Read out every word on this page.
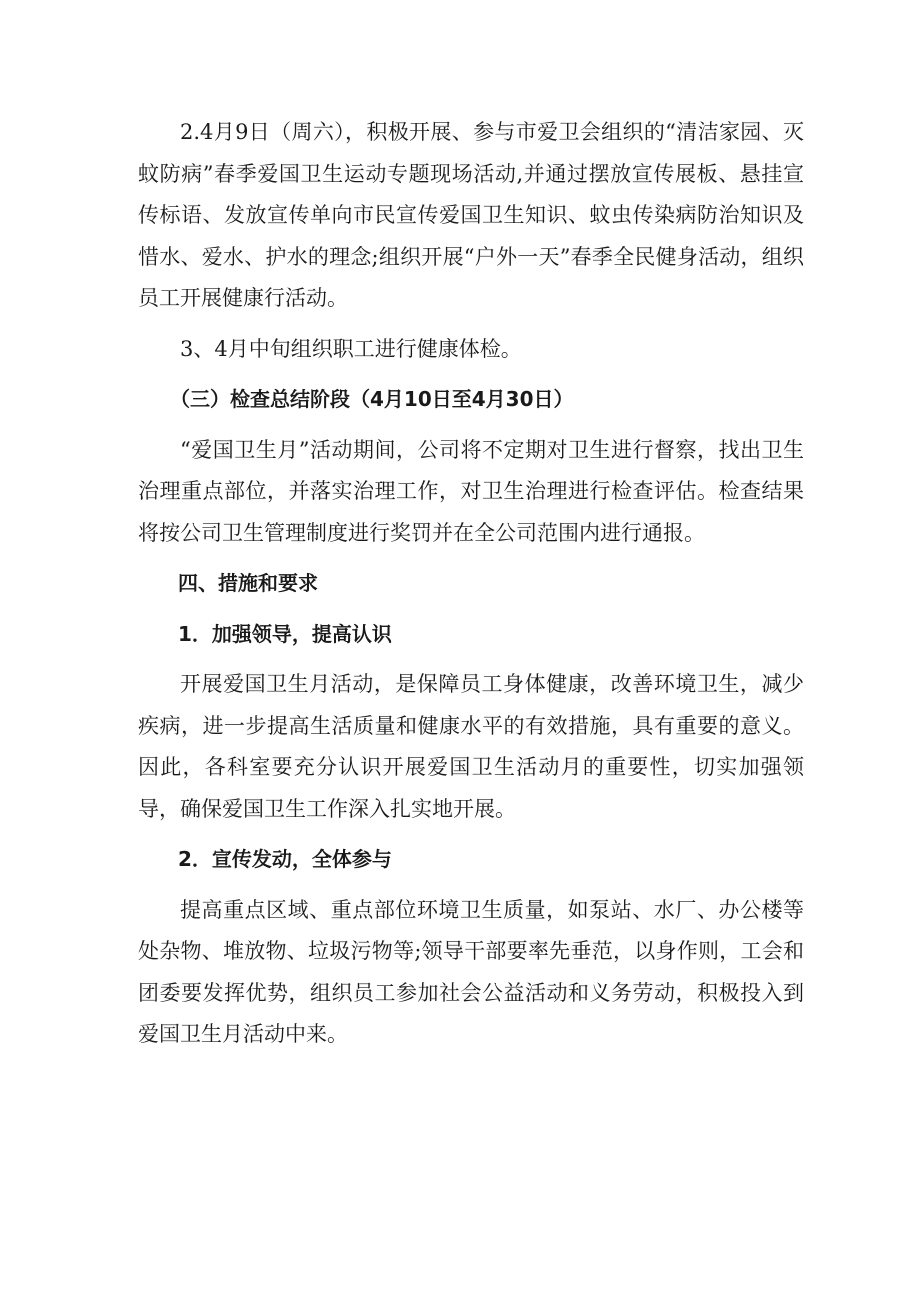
2.4月9日（周六），积极开展、参与市爱卫会组织的“清洁家园、灭蚊防病”春季爱国卫生运动专题现场活动,并通过摆放宣传展板、悬挂宣传标语、发放宣传单向市民宣传爱国卫生知识、蚊虫传染病防治知识及惜水、爱水、护水的理念;组织开展“户外一天”春季全民健身活动，组织员工开展健康行活动。

3、4月中旬组织职工进行健康体检。

（三）检查总结阶段（4月10日至4月30日）

“爱国卫生月”活动期间，公司将不定期对卫生进行督察，找出卫生治理重点部位，并落实治理工作，对卫生治理进行检查评估。检查结果将按公司卫生管理制度进行奖罚并在全公司范围内进行通报。

四、措施和要求

1．加强领导，提高认识

开展爱国卫生月活动，是保障员工身体健康，改善环境卫生，减少疾病，进一步提高生活质量和健康水平的有效措施，具有重要的意义。因此，各科室要充分认识开展爱国卫生活动月的重要性，切实加强领导，确保爱国卫生工作深入扎实地开展。

2．宣传发动，全体参与

提高重点区域、重点部位环境卫生质量，如泵站、水厂、办公楼等处杂物、堆放物、垃圾污物等;领导干部要率先垂范，以身作则，工会和团委要发挥优势，组织员工参加社会公益活动和义务劳动，积极投入到爱国卫生月活动中来。
